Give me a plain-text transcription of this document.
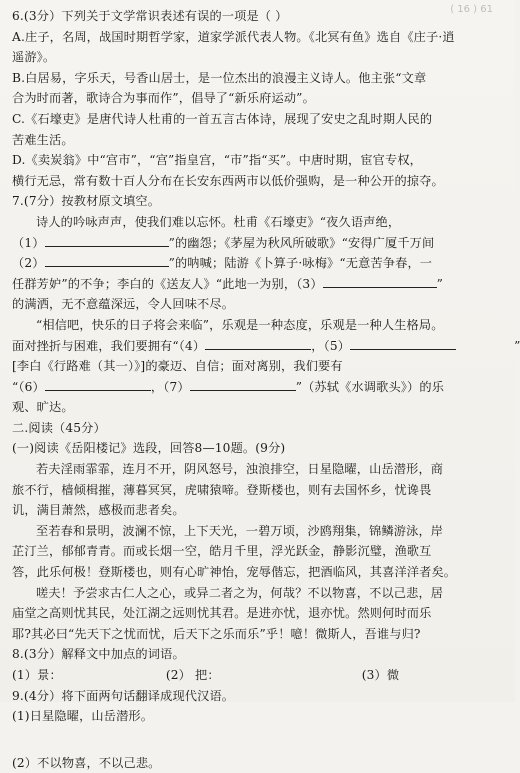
( 16 ) 61
6.(3分）下列关于文学常识表述有误的一项是（ ）
A.庄子，名周，战国时期哲学家，道家学派代表人物。《北冥有鱼》选自《庄子·逍
遥游》。
B.白居易，字乐天，号香山居士，是一位杰出的浪漫主义诗人。他主张“文章
合为时而著，歌诗合为事而作”，倡导了“新乐府运动”。
C.《石壕吏》是唐代诗人杜甫的一首五言古体诗，展现了安史之乱时期人民的
苦难生活。
D.《卖炭翁》中“宫市”，“宫”指皇宫，“市”指“买”。中唐时期，宦官专权，
横行无忌，常有数十百人分布在长安东西两市以低价强购，是一种公开的掠夺。
7.(7分）按教材原文填空。
诗人的吟咏声声，使我们难以忘怀。杜甫《石壕吏》“夜久语声绝，
（1）	”的幽怨；《茅屋为秋风所破歌》“安得广厦千万间
（2）	”的呐喊；陆游《卜算子·咏梅》“无意苦争春，一
任群芳妒”的不争；李白的《送友人》“此地一为别，（3）	”
的满洒，无不意蕴深远，令人回味不尽。
“相信吧，快乐的日子将会来临”，乐观是一种态度，乐观是一种人生格局。
面对挫折与困难，我们要拥有“（4）	，（5）	”
[李白《行路难（其一）》]的豪迈、自信；面对离别，我们要有
“（6）	，（7）	”（苏轼《水调歌头》）的乐
观、旷达。
二.阅读（45分）
(一)阅读《岳阳楼记》选段，回答8—10题。(9分)
若夫淫雨霏霏，连月不开，阴风怒号，浊浪排空，日星隐曜，山岳潜形，商
旅不行，樯倾楫摧，薄暮冥冥，虎啸猿啼。登斯楼也，则有去国怀乡，忧谗畏
讥，满目萧然，感极而悲者矣。
至若春和景明，波澜不惊，上下天光，一碧万顷，沙鸥翔集，锦鳞游泳，岸
芷汀兰，郁郁青青。而或长烟一空，皓月千里，浮光跃金，静影沉璧，渔歌互
答，此乐何极！登斯楼也，则有心旷神怡，宠辱偕忘，把酒临风，其喜洋洋者矣。
嗟夫！予尝求古仁人之心，或异二者之为，何哉？不以物喜，不以己悲，居
庙堂之高则忧其民，处江湖之远则忧其君。是进亦忧，退亦忧。然则何时而乐
耶?其必曰“先天下之忧而忧，后天下之乐而乐”乎！噫！微斯人，吾谁与归?
8.(3分）解释文中加点的词语。
(1）景：	(2） 把：	(3）微
9.(4分）将下面两句话翻译成现代汉语。
(1)日星隐曜，山岳潜形。
(2）不以物喜，不以己悲。
